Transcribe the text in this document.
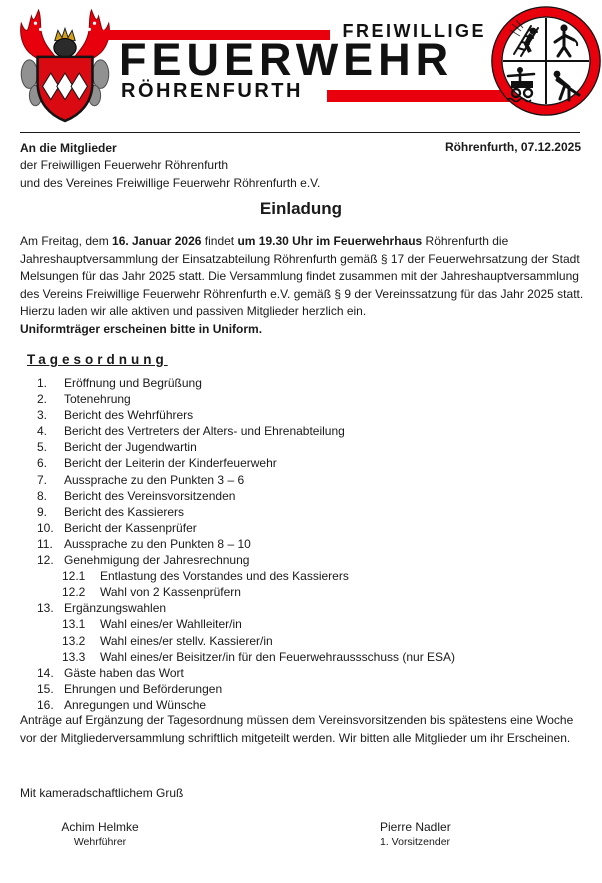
FREIWILLIGE
FEUERWEHR
RÖHRENFURTH
An die Mitglieder
der Freiwilligen Feuerwehr Röhrenfurth
und des Vereines Freiwillige Feuerwehr Röhrenfurth e.V.
Röhrenfurth, 07.12.2025
Einladung
Am Freitag, dem 16. Januar 2026 findet um 19.30 Uhr im Feuerwehrhaus Röhrenfurth die Jahreshauptversammlung der Einsatzabteilung Röhrenfurth gemäß § 17 der Feuerwehrsatzung der Stadt Melsungen für das Jahr 2025 statt. Die Versammlung findet zusammen mit der Jahreshauptversammlung des Vereins Freiwillige Feuerwehr Röhrenfurth e.V. gemäß § 9 der Vereinssatzung für das Jahr 2025 statt. Hierzu laden wir alle aktiven und passiven Mitglieder herzlich ein.
Uniformträger erscheinen bitte in Uniform.
Tagesordnung
1.	Eröffnung und Begrüßung
2.	Totenehrung
3.	Bericht des Wehrführers
4.	Bericht des Vertreters der Alters- und Ehrenabteilung
5.	Bericht der Jugendwartin
6.	Bericht der Leiterin der Kinderfeuerwehr
7.	Aussprache zu den Punkten 3 – 6
8.	Bericht des Vereinsvorsitzenden
9.	Bericht des Kassierers
10. Bericht der Kassenprüfer
11. Aussprache zu den Punkten 8 – 10
12. Genehmigung der Jahresrechnung
12.1	Entlastung des Vorstandes und des Kassierers
12.2	Wahl von 2 Kassenprüfern
13. Ergänzungswahlen
13.1	Wahl eines/er Wahlleiter/in
13.2	Wahl eines/er stellv. Kassierer/in
13.3	Wahl eines/er Beisitzer/in für den Feuerwehraussschuss (nur ESA)
14. Gäste haben das Wort
15. Ehrungen und Beförderungen
16. Anregungen und Wünsche
Anträge auf Ergänzung der Tagesordnung müssen dem Vereinsvorsitzenden bis spätestens eine Woche vor der Mitgliederversammlung schriftlich mitgeteilt werden. Wir bitten alle Mitglieder um ihr Erscheinen.
Mit kameradschaftlichem Gruß
Achim Helmke
Wehrführer
Pierre Nadler
1. Vorsitzender
